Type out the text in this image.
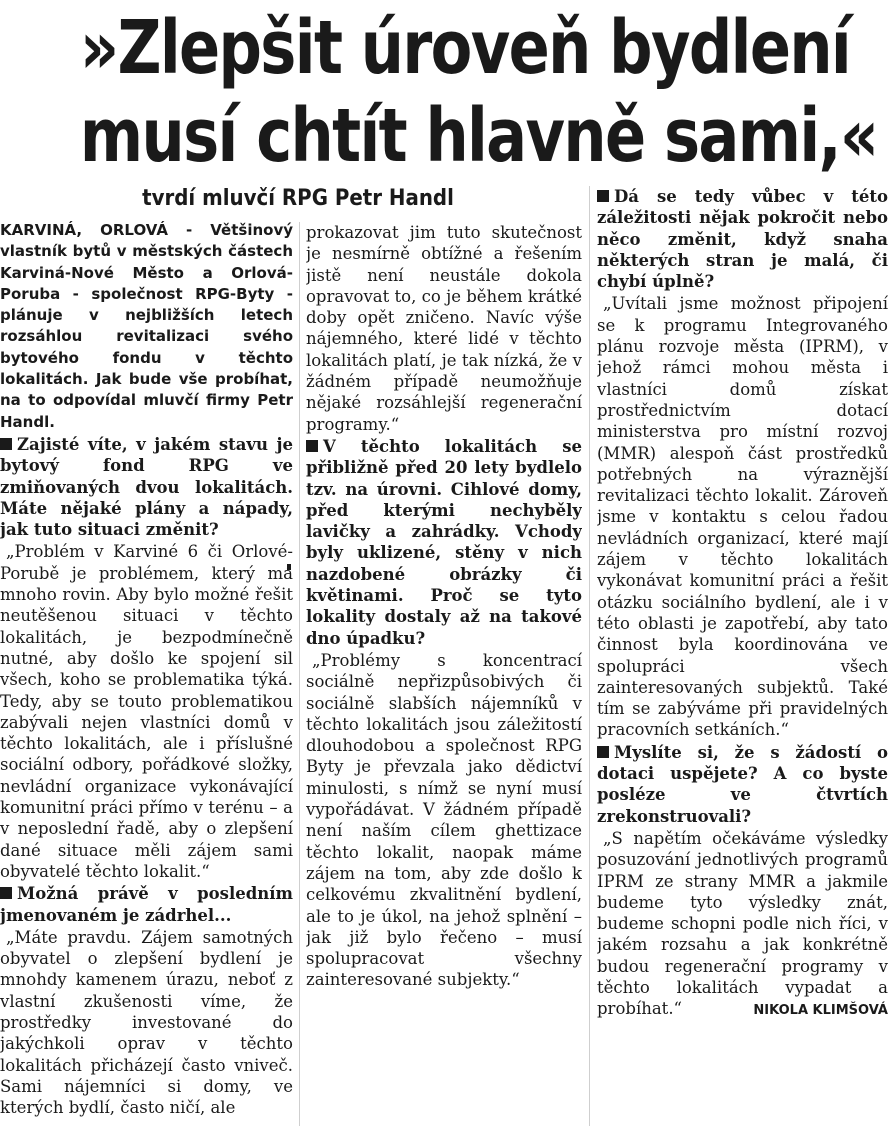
»Zlepšit úroveň bydlení
musí chtít hlavně sami,«
tvrdí mluvčí RPG Petr Handl

KARVINÁ, ORLOVÁ - Většinový vlastník bytů v městských částech Karviná-Nové Město a Orlová-Poruba - společnost RPG-Byty - plánuje v nejbližších letech rozsáhlou revitalizaci svého bytového fondu v těchto lokalitách. Jak bude vše probíhat, na to odpovídal mluvčí firmy Petr Handl.

Zajisté víte, v jakém stavu je bytový fond RPG ve zmiňovaných dvou lokalitách. Máte nějaké plány a nápady, jak tuto situaci změnit?

„Problém v Karviné 6 či Orlové-Porubě je problémem, který má mnoho rovin. Aby bylo možné řešit neutěšenou situaci v těchto lokalitách, je bezpodmínečně nutné, aby došlo ke spojení sil všech, koho se problematika týká. Tedy, aby se touto problematikou zabývali nejen vlastníci domů v těchto lokalitách, ale i příslušné sociální odbory, pořádkové složky, nevládní organizace vykonávající komunitní práci přímo v terénu – a v neposlední řadě, aby o zlepšení dané situace měli zájem sami obyvatelé těchto lokalit.“

Možná právě v posledním jmenovaném je zádrhel...

„Máte pravdu. Zájem samotných obyvatel o zlepšení bydlení je mnohdy kamenem úrazu, neboť z vlastní zkušenosti víme, že prostředky investované do jakýchkoli oprav v těchto lokalitách přicházejí často vniveč. Sami nájemníci si domy, ve kterých bydlí, často ničí, ale

prokazovat jim tuto skutečnost je nesmírně obtížné a řešením jistě není neustále dokola opravovat to, co je během krátké doby opět zničeno. Navíc výše nájemného, které lidé v těchto lokalitách platí, je tak nízká, že v žádném případě neumožňuje nějaké rozsáhlejší regenerační programy.“

V těchto lokalitách se přibližně před 20 lety bydlelo tzv. na úrovni. Cihlové domy, před kterými nechyběly lavičky a zahrádky. Vchody byly uklizené, stěny v nich nazdobené obrázky či květinami. Proč se tyto lokality dostaly až na takové dno úpadku?

„Problémy s koncentrací sociálně nepřizpůsobivých či sociálně slabších nájemníků v těchto lokalitách jsou záležitostí dlouhodobou a společnost RPG Byty je převzala jako dědictví minulosti, s nímž se nyní musí vypořádávat. V žádném případě není naším cílem ghettizace těchto lokalit, naopak máme zájem na tom, aby zde došlo k celkovému zkvalitnění bydlení, ale to je úkol, na jehož splnění – jak již bylo řečeno – musí spolupracovat všechny zainteresované subjekty.“

Dá se tedy vůbec v této záležitosti nějak pokročit nebo něco změnit, když snaha některých stran je malá, či chybí úplně?

„Uvítali jsme možnost připojení se k programu Integrovaného plánu rozvoje města (IPRM), v jehož rámci mohou města i vlastníci domů získat prostřednictvím dotací ministerstva pro místní rozvoj (MMR) alespoň část prostředků potřebných na výraznější revitalizaci těchto lokalit. Zároveň jsme v kontaktu s celou řadou nevládních organizací, které mají zájem v těchto lokalitách vykonávat komunitní práci a řešit otázku sociálního bydlení, ale i v této oblasti je zapotřebí, aby tato činnost byla koordinována ve spolupráci všech zainteresovaných subjektů. Také tím se zabýváme při pravidelných pracovních setkáních.“

Myslíte si, že s žádostí o dotaci uspějete? A co byste posléze ve čtvrtích zrekonstruovali?

„S napětím očekáváme výsledky posuzování jednotlivých programů IPRM ze strany MMR a jakmile budeme tyto výsledky znát, budeme schopni podle nich říci, v jakém rozsahu a jak konkrétně budou regenerační programy v těchto lokalitách vypadat a probíhat.“	NIKOLA KLIMŠOVÁ
